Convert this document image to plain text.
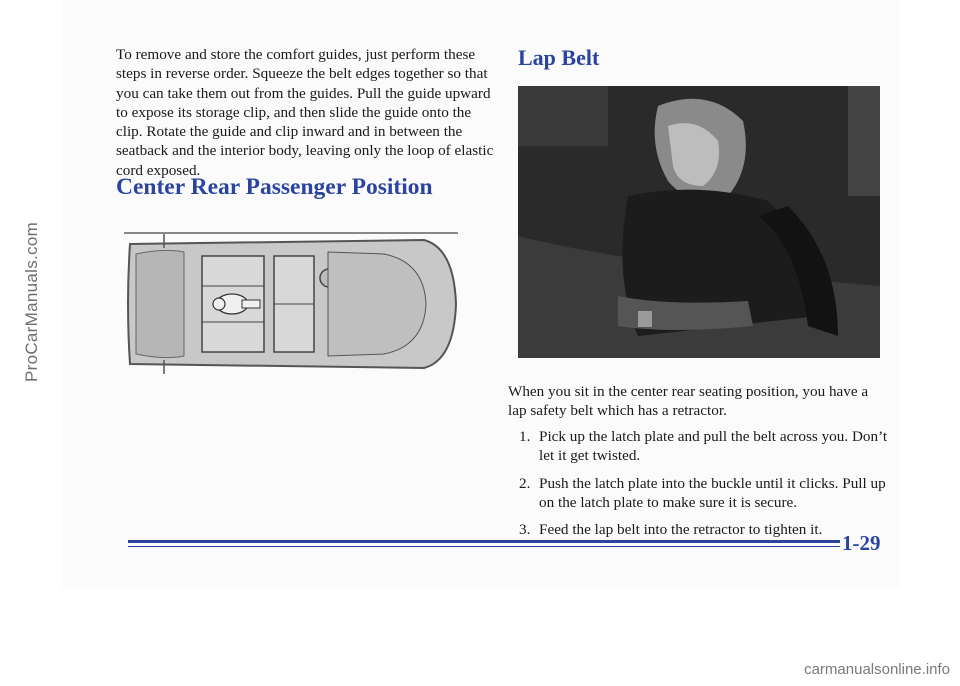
ProCarManuals.com

To remove and store the comfort guides, just perform these steps in reverse order. Squeeze the belt edges together so that you can take them out from the guides. Pull the guide upward to expose its storage clip, and then slide the guide onto the clip. Rotate the guide and clip inward and in between the seatback and the interior body, leaving only the loop of elastic cord exposed.

Center Rear Passenger Position
Lap Belt

When you sit in the center rear seating position, you have a lap safety belt which has a retractor.

1. Pick up the latch plate and pull the belt across you. Don’t let it get twisted.
2. Push the latch plate into the buckle until it clicks. Pull up on the latch plate to make sure it is secure.
3. Feed the lap belt into the retractor to tighten it.
1-29
carmanualsonline.info
